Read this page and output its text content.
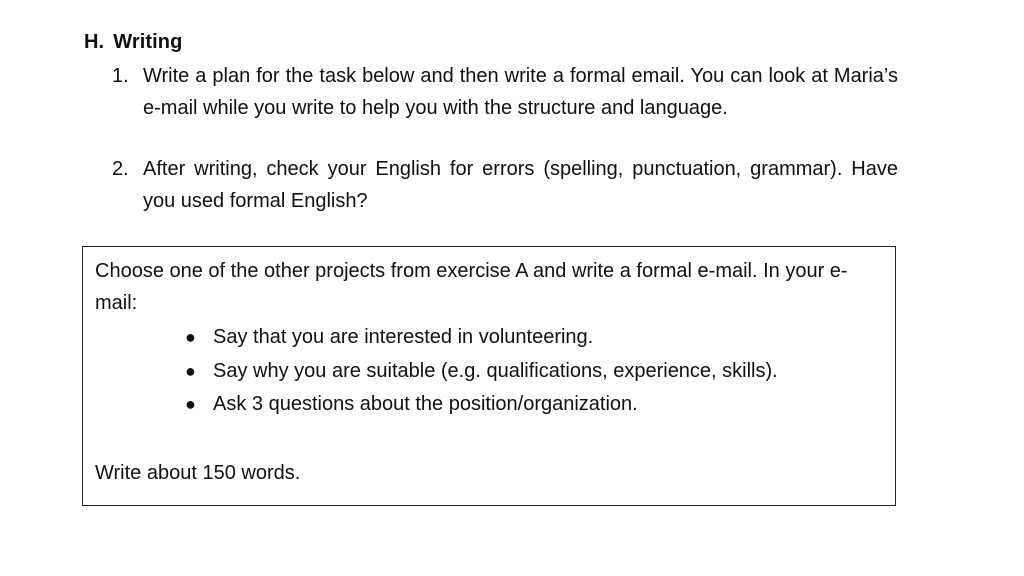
H. Writing
1. Write a plan for the task below and then write a formal email. You can look at Maria’s e-mail while you write to help you with the structure and language.
2. After writing, check your English for errors (spelling, punctuation, grammar). Have you used formal English?
Choose one of the other projects from exercise A and write a formal e-mail. In your e-mail:
● Say that you are interested in volunteering.
● Say why you are suitable (e.g. qualifications, experience, skills).
● Ask 3 questions about the position/organization.
Write about 150 words.
